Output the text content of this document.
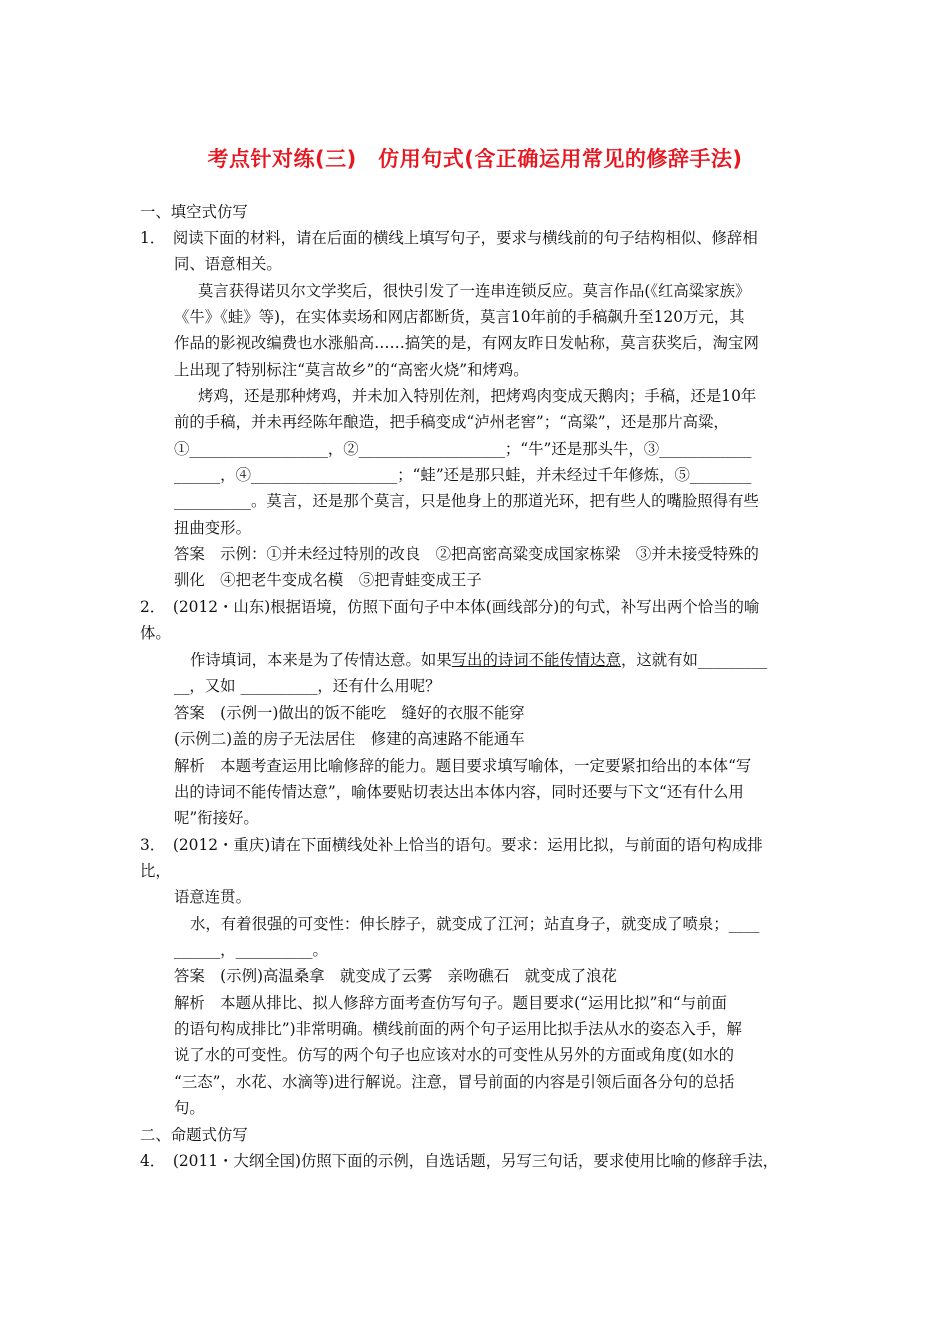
考点针对练(三)　仿用句式(含正确运用常见的修辞手法)
一、填空式仿写
1．　阅读下面的材料，请在后面的横线上填写句子，要求与横线前的句子结构相似、修辞相
同、语意相关。
莫言获得诺贝尔文学奖后，很快引发了一连串连锁反应。莫言作品(《红高粱家族》
《牛》《蛙》等)，在实体卖场和网店都断货，莫言10年前的手稿飙升至120万元，其
作品的影视改编费也水涨船高……搞笑的是，有网友昨日发帖称，莫言获奖后，淘宝网
上出现了特别标注“莫言故乡”的“高密火烧”和烤鸡。
烤鸡，还是那种烤鸡，并未加入特別佐剂，把烤鸡肉变成天鹅肉；手稿，还是10年
前的手稿，并未再经陈年酿造，把手稿变成“泸州老窖”；“高粱”，还是那片高粱，
①__________________，②___________________；“牛”还是那头牛，③____________
______，④___________________；“蛙”还是那只蛙，并未经过千年修炼，⑤________
__________。莫言，还是那个莫言，只是他身上的那道光环，把有些人的嘴脸照得有些
扭曲变形。
答案　示例：①并未经过特別的改良　②把高密高粱变成国家栋梁　③并未接受特殊的
驯化　④把老牛变成名模　⑤把青蛙变成王子
2．　(2012・山东)根据语境，仿照下面句子中本体(画线部分)的句式，补写出两个恰当的喻
体。
作诗填词，本来是为了传情达意。如果写出的诗词不能传情达意，这就有如_________
__，又如 __________，还有什么用呢？
答案　(示例一)做出的饭不能吃　缝好的衣服不能穿
(示例二)盖的房子无法居住　修建的高速路不能通车
解析　本题考查运用比喻修辞的能力。题目要求填写喻体，一定要紧扣给出的本体“写
出的诗词不能传情达意”，喻体要贴切表达出本体内容，同时还要与下文“还有什么用
呢”衔接好。
3．　(2012・重庆)请在下面横线处补上恰当的语句。要求：运用比拟，与前面的语句构成排
比，
语意连贯。
水，有着很强的可变性：伸长脖子，就变成了江河；站直身子，就变成了喷泉；____
______，__________。
答案　(示例)高温桑拿　就变成了云雾　亲吻礁石　就变成了浪花
解析　本题从排比、拟人修辞方面考查仿写句子。题目要求(“运用比拟”和“与前面
的语句构成排比”)非常明确。横线前面的两个句子运用比拟手法从水的姿态入手，解
说了水的可变性。仿写的两个句子也应该对水的可变性从另外的方面或角度(如水的
“三态”，水花、水滴等)进行解说。注意，冒号前面的内容是引领后面各分句的总括
句。
二、命题式仿写
4．　(2011・大纲全国)仿照下面的示例，自选话题，另写三句话，要求使用比喻的修辞手法，
